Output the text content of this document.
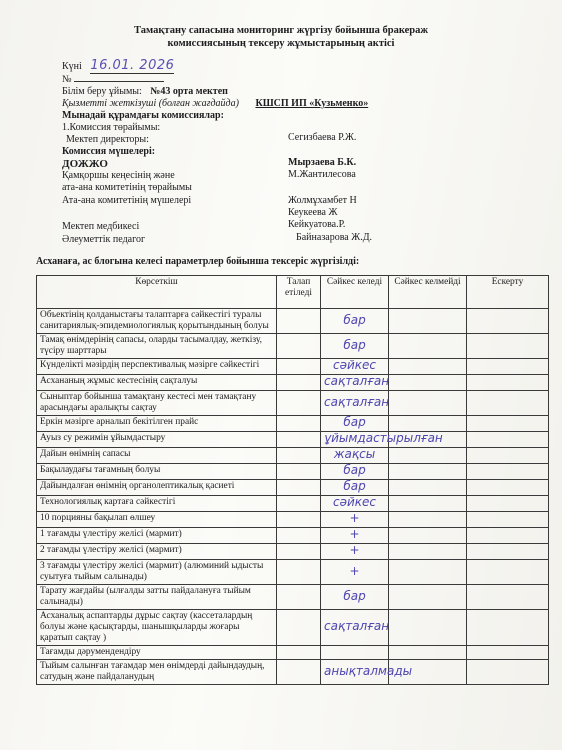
Тамақтану сапасына мониторинг жүргізу бойынша бракераж
комиссиясының тексеру жұмыстарының актісі
Күні 16.01. 2026
№
Білім беру ұйымы: №43 орта мектеп
Қызметті жеткізуші (болған жағдайда) КШСП ИП «Кузьменко»
Мынадай құрамдағы комиссиялар:
1.Комиссия төрайымы:
Мектеп директоры:	Сегизбаева Р.Ж.
Комиссия мүшелері:
ДОЖЖО	Мырзаева Б.К.
Қамқоршы кеңесінің және	М.Жантилесова
ата-ана комитетінің төрайымы
Ата-ана комитетінің мүшелері	Жолмұхамбет Н
Кеукеева Ж
Мектеп медбикесі	Кейкуатова.Р.
Әлеуметтік педагог	Байназарова Ж.Д.
Асханаға, ас блогына келесі параметрлер бойынша тексеріс жүргізілді:
Көрсеткіш	Талап етіледі	Сәйкес келеді	Сәйкес келмейді	Ескерту
Объектінің қолданыстағы талаптарға сәйкестігі туралы санитариялық-эпидемиологиялық қорытындының болуы		бар		
Тамақ өнімдерінің сапасы, оларды тасымалдау, жеткізу, түсіру шарттары		бар		
Күнделікті мәзірдің перспективалық мәзірге сәйкестігі		сәйкес		
Асхананың жұмыс кестесінің сақталуы		сақталған		
Сыныптар бойынша тамақтану кестесі мен тамақтану арасындағы аралықты сақтау		сақталған		
Еркін мәзірге арналып бекітілген прайс		бар		
Ауыз су режимін ұйымдастыру		ұйымдастырылған		
Дайын өнімнің сапасы		жақсы		
Бақылаудағы тағамның болуы		бар		
Дайындалған өнімнің органолептикалық қасиеті		бар		
Технологиялық картаға сәйкестігі		сәйкес		
10 порцияны бақылап өлшеу		+		
1 тағамды үлестіру желісі (мармит)		+		
2 тағамды үлестіру желісі (мармит)		+		
3 тағамды үлестіру желісі (мармит) (алюминий ыдысты суытуға тыйым салынады)		+		
Тарату жағдайы (ылғалды затты пайдалануға тыйым салынады)		бар		
Асханалық аспаптарды дұрыс сақтау (кассеталардың болуы және қасықтарды, шанышқыларды жоғары қаратып сақтау )		сақталған		
Тағамды дәрумендендіру				
Тыйым салынған тағамдар мен өнімдерді дайындаудың, сатудың және пайдаланудың		анықталмады		
